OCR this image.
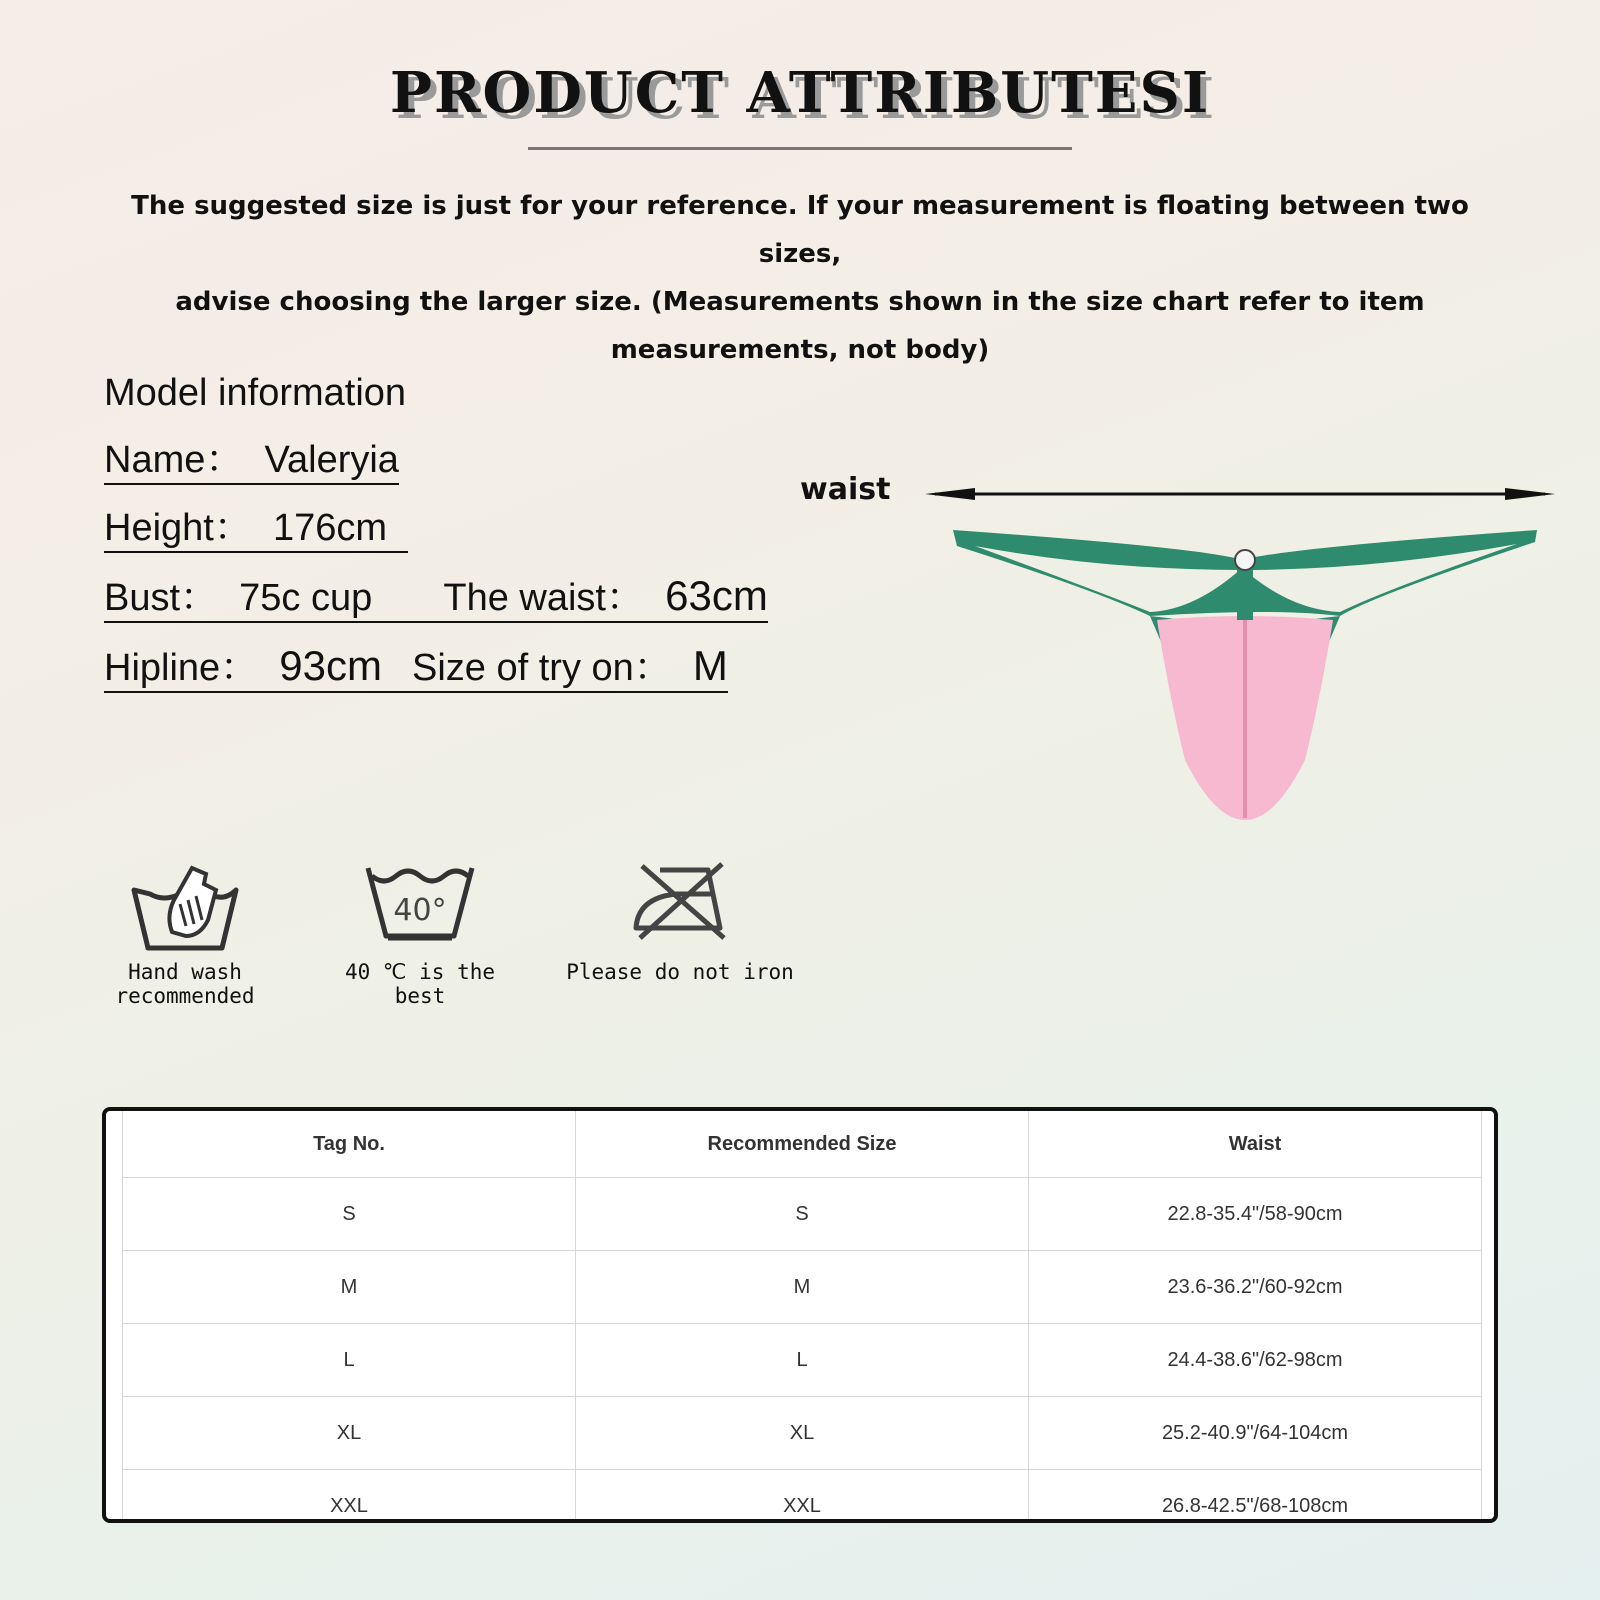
PRODUCT ATTRIBUTESI
The suggested size is just for your reference. If your measurement is floating between two sizes,
advise choosing the larger size. (Measurements shown in the size chart refer to item
measurements, not body)
Model information
Name：  Valeryia
Height：  176cm
Bust：  75c cup  The waist：  63cm
Hipline：  93cm Size of try on：  M
waist
Hand wash
recommended
40°
40 ℃ is the best
Please do not iron
Tag No.	Recommended Size	Waist
S	S	22.8-35.4"/58-90cm
M	M	23.6-36.2"/60-92cm
L	L	24.4-38.6"/62-98cm
XL	XL	25.2-40.9"/64-104cm
XXL	XXL	26.8-42.5"/68-108cm
